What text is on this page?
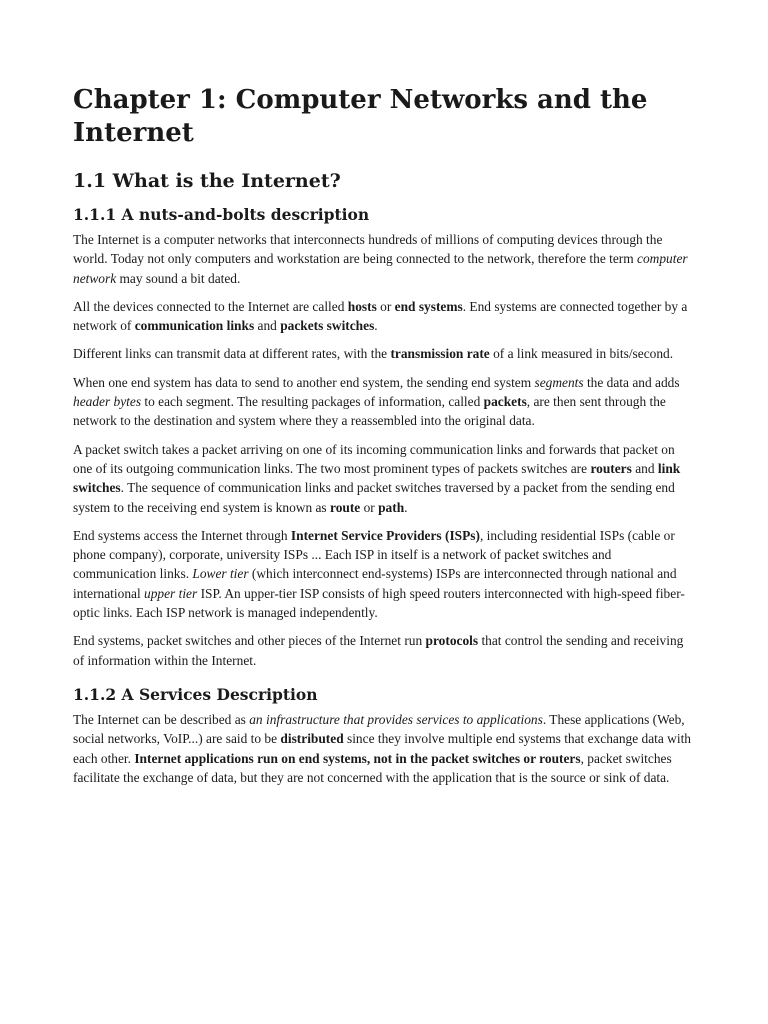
Chapter 1: Computer Networks and the Internet
1.1 What is the Internet?
1.1.1 A nuts-and-bolts description

The Internet is a computer networks that interconnects hundreds of millions of computing devices through the world. Today not only computers and workstation are being connected to the network, therefore the term computer network may sound a bit dated.

All the devices connected to the Internet are called hosts or end systems. End systems are connected together by a network of communication links and packets switches.

Different links can transmit data at different rates, with the transmission rate of a link measured in bits/second.

When one end system has data to send to another end system, the sending end system segments the data and adds header bytes to each segment. The resulting packages of information, called packets, are then sent through the network to the destination and system where they a reassembled into the original data.

A packet switch takes a packet arriving on one of its incoming communication links and forwards that packet on one of its outgoing communication links. The two most prominent types of packets switches are routers and link switches. The sequence of communication links and packet switches traversed by a packet from the sending end system to the receiving end system is known as route or path.

End systems access the Internet through Internet Service Providers (ISPs), including residential ISPs (cable or phone company), corporate, university ISPs ... Each ISP in itself is a network of packet switches and communication links. Lower tier (which interconnect end-systems) ISPs are interconnected through national and international upper tier ISP. An upper-tier ISP consists of high speed routers interconnected with high-speed fiber-optic links. Each ISP network is managed independently.

End systems, packet switches and other pieces of the Internet run protocols that control the sending and receiving of information within the Internet.

1.1.2 A Services Description

The Internet can be described as an infrastructure that provides services to applications. These applications (Web, social networks, VoIP...) are said to be distributed since they involve multiple end systems that exchange data with each other. Internet applications run on end systems, not in the packet switches or routers, packet switches facilitate the exchange of data, but they are not concerned with the application that is the source or sink of data.
